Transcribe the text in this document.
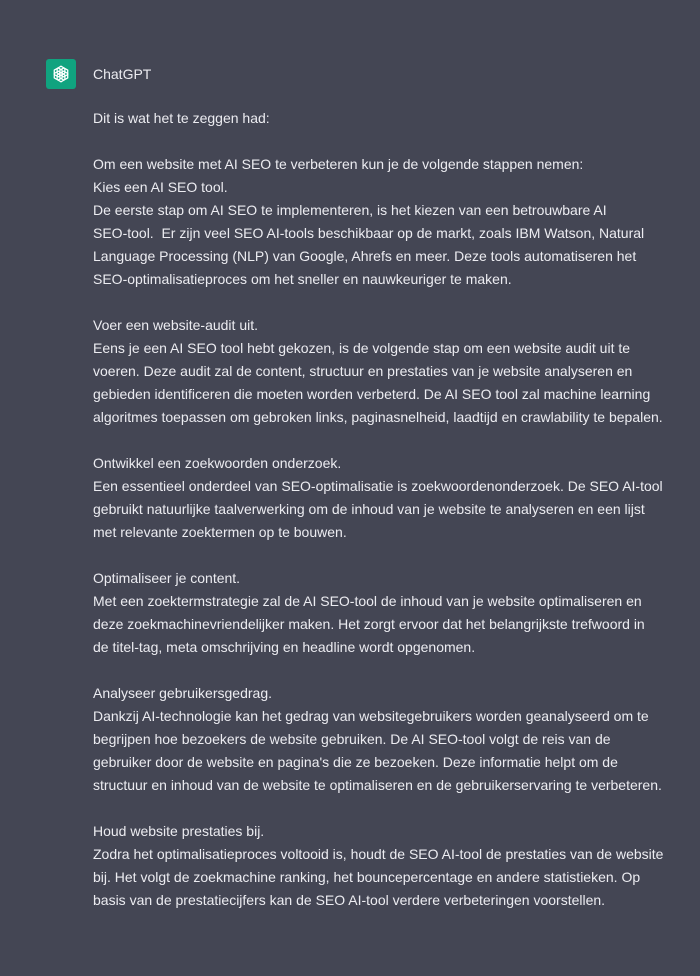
ChatGPT
Dit is wat het te zeggen had:
Om een website met AI SEO te verbeteren kun je de volgende stappen nemen:
Kies een AI SEO tool.
De eerste stap om AI SEO te implementeren, is het kiezen van een betrouwbare AI
SEO-tool.  Er zijn veel SEO AI-tools beschikbaar op de markt, zoals IBM Watson, Natural
Language Processing (NLP) van Google, Ahrefs en meer. Deze tools automatiseren het
SEO-optimalisatieproces om het sneller en nauwkeuriger te maken.
Voer een website-audit uit.
Eens je een AI SEO tool hebt gekozen, is de volgende stap om een website audit uit te
voeren. Deze audit zal de content, structuur en prestaties van je website analyseren en
gebieden identificeren die moeten worden verbeterd. De AI SEO tool zal machine learning
algoritmes toepassen om gebroken links, paginasnelheid, laadtijd en crawlability te bepalen.
Ontwikkel een zoekwoorden onderzoek.
Een essentieel onderdeel van SEO-optimalisatie is zoekwoordenonderzoek. De SEO AI-tool
gebruikt natuurlijke taalverwerking om de inhoud van je website te analyseren en een lijst
met relevante zoektermen op te bouwen.
Optimaliseer je content.
Met een zoektermstrategie zal de AI SEO-tool de inhoud van je website optimaliseren en
deze zoekmachinevriendelijker maken. Het zorgt ervoor dat het belangrijkste trefwoord in
de titel-tag, meta omschrijving en headline wordt opgenomen.
Analyseer gebruikersgedrag.
Dankzij AI-technologie kan het gedrag van websitegebruikers worden geanalyseerd om te
begrijpen hoe bezoekers de website gebruiken. De AI SEO-tool volgt de reis van de
gebruiker door de website en pagina's die ze bezoeken. Deze informatie helpt om de
structuur en inhoud van de website te optimaliseren en de gebruikerservaring te verbeteren.
Houd website prestaties bij.
Zodra het optimalisatieproces voltooid is, houdt de SEO AI-tool de prestaties van de website
bij. Het volgt de zoekmachine ranking, het bouncepercentage en andere statistieken. Op
basis van de prestatiecijfers kan de SEO AI-tool verdere verbeteringen voorstellen.
